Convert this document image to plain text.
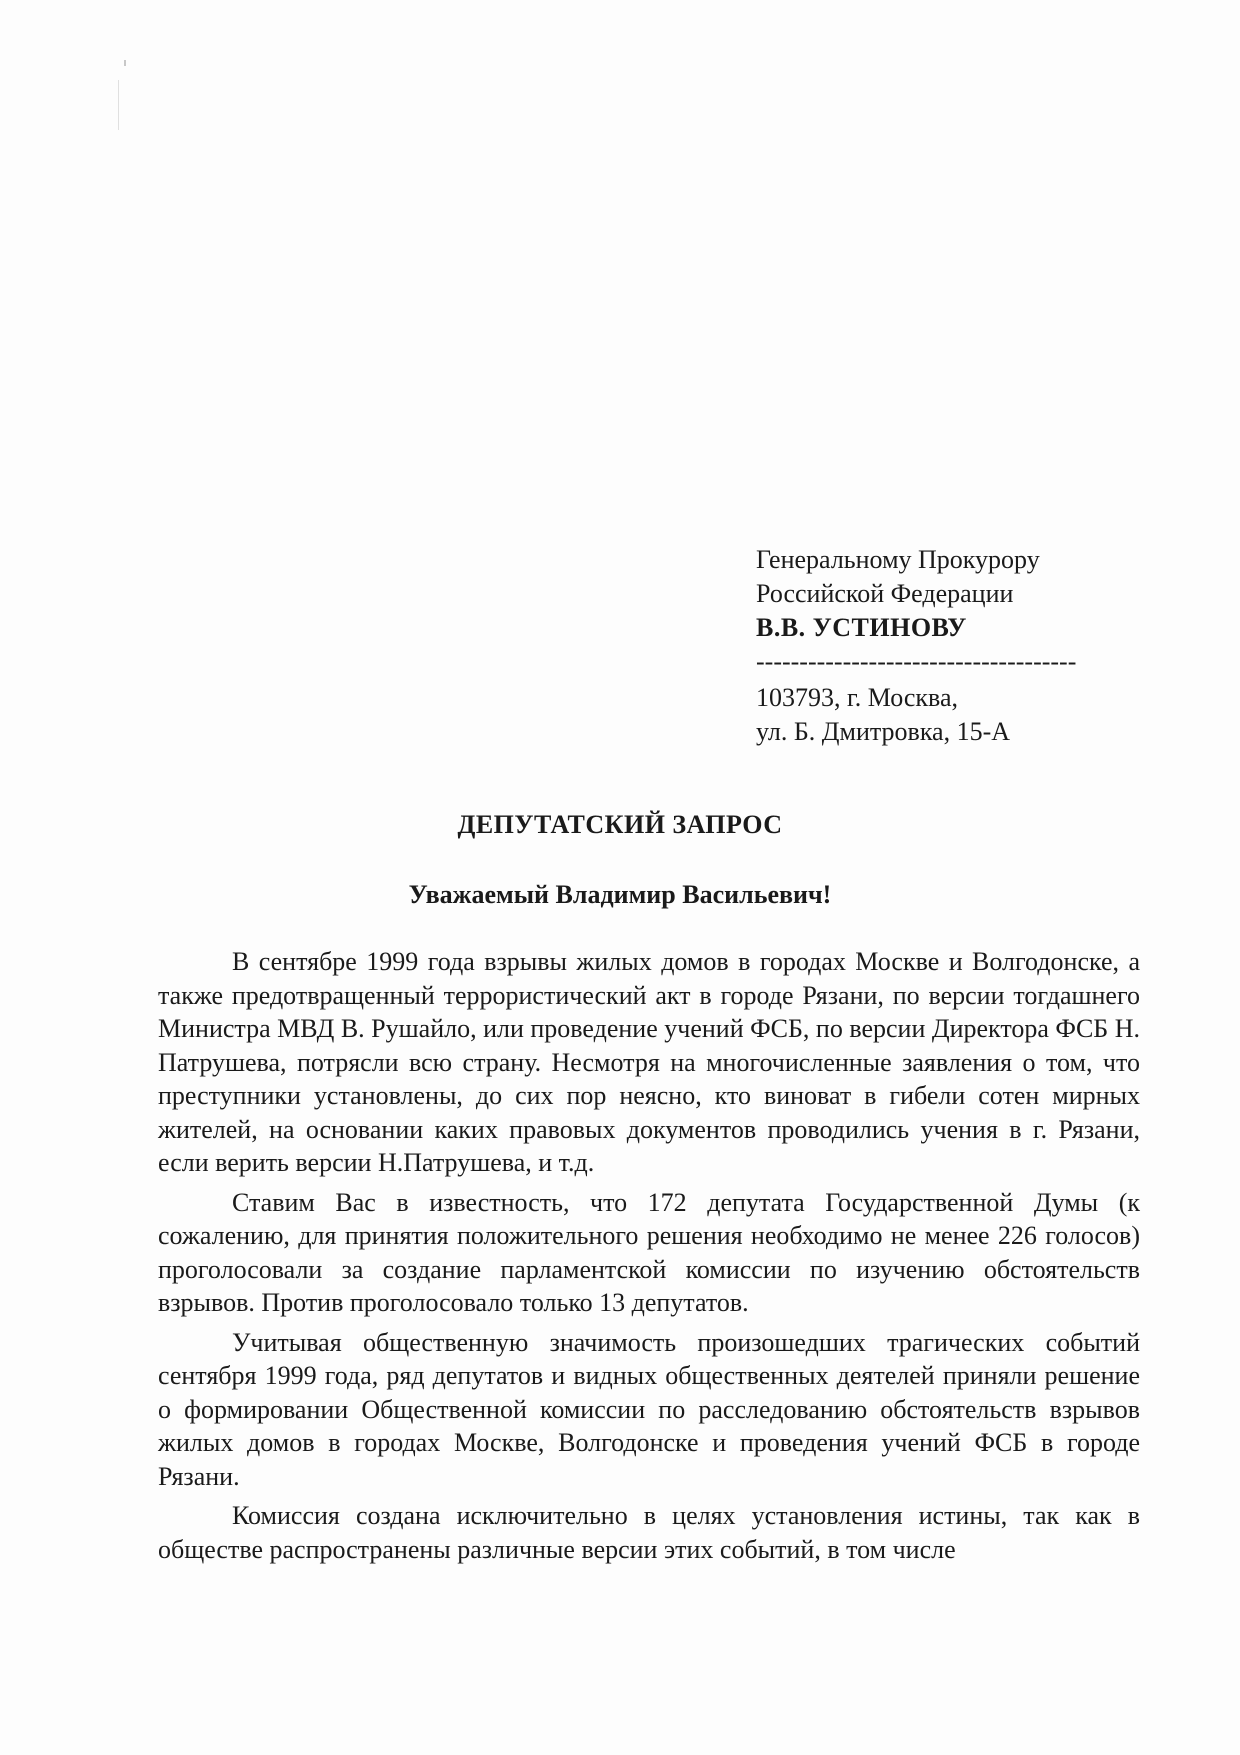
Генеральному Прокурору
Российской Федерации
В.В. УСТИНОВУ
-------------------------------------
103793, г. Москва,
ул. Б. Дмитровка, 15-А
ДЕПУТАТСКИЙ ЗАПРОС
Уважаемый Владимир Васильевич!

В сентябре 1999 года взрывы жилых домов в городах Москве и Волгодонске, а также предотвращенный террористический акт в городе Рязани, по версии тогдашнего Министра МВД В. Рушайло, или проведение учений ФСБ, по версии Директора ФСБ Н. Патрушева, потрясли всю страну. Несмотря на многочисленные заявления о том, что преступники установлены, до сих пор неясно, кто виноват в гибели сотен мирных жителей, на основании каких правовых документов проводились учения в г. Рязани, если верить версии Н.Патрушева, и т.д.

Ставим Вас в известность, что 172 депутата Государственной Думы (к сожалению, для принятия положительного решения необходимо не менее 226 голосов) проголосовали за создание парламентской комиссии по изучению обстоятельств взрывов. Против проголосовало только 13 депутатов.

Учитывая общественную значимость произошедших трагических событий сентября 1999 года, ряд депутатов и видных общественных деятелей приняли решение о формировании Общественной комиссии по расследованию обстоятельств взрывов жилых домов в городах Москве, Волгодонске и проведения учений ФСБ в городе Рязани.

Комиссия создана исключительно в целях установления истины, так как в обществе распространены различные версии этих событий, в том числе
